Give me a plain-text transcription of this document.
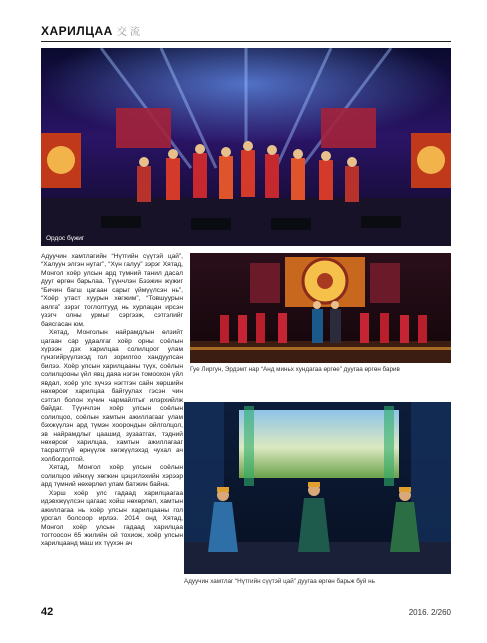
ХАРИЛЦАА 交 流
Ордос бүжиг

Адуучин хамтлагийн “Нүтгийн сүүтэй цай”, “Халуун элгэн нутаг”, “Хүн галуу” зэрэг Хятад, Монгол хоёр улсын ард түмний танил дасал дууг өргөн барьлаа. Түүнчлэн Бээжин жүжиг “Бичин багш цагаан сарыг үймүүлсэн нь”, “Хоёр утаст хуурын хөгжим”, “Товшуурын аялга” зэрэг тоглолтууд нь хурлацан ирсэн үзэгч олны урмыг сэргээж, сэтгэлийг баясгасан юм.

Хятад, Монголын найрамдлын өлзийт цагаан сар удаалгаг хоёр орны соёлын хүрээн дэх харилцаа солилцоог улам гүнзгийрүүлэхэд гол зорилгоо хандуулсан билээ. Хоёр улсын харилцааны түүх, соёлын солилцооны үйл явц даяа нэгэн томоохон үйл явдал, хоёр улс хүчээ нэгтгэн сайн хөршийн нөхөрсөг харилцаа байгуулах гэсэн чин сэтгэл болон хүчин чармайлтыг илэрхийлж байдаг. Түүнчлэн хоёр улсын соёлын солилцоо, соёлын хамтын ажиллагааг улам бэхжүүлэн ард түмэн хоорондын ойлголцол, эв найрамдлыг цаашид зузаатгах, тэдний нөхөрсөг харилцаа, хамтын ажиллагааг тасралтгүй өрнүүлж хөгжүүлэхэд чухал ач холбогдолтой.

Хятад, Монгол хоёр улсын соёлын солилцоо ийнхүү хөгжин цэцэглэхийн хэрээр ард түмний нөхөрлөл улам батжин байна.

Хэрш хоёр улс гадаад харилцаагаа идэвхжүүлсэн цагаас хойш нөхөрлөл, хамтын ажиллагаа нь хоёр улсын харилцааны гол урсгал болсоор ирлээ. 2014 онд Хятад, Монгол хоёр улсын гадаад харилцаа тогтоосон 65 жилийн ой тохиож, хоёр улсын харилцаанд маш их түүхэн ач

Гуе Лиргун, Эрдэмт нар “Анд миньх хундагаа өргөе” дуугаа өргөн барив
Адуучин хамтлаг “Нүтгийн сүүтэй цай” дуугаа өргөн барьж буй нь
42	2016. 2/260
